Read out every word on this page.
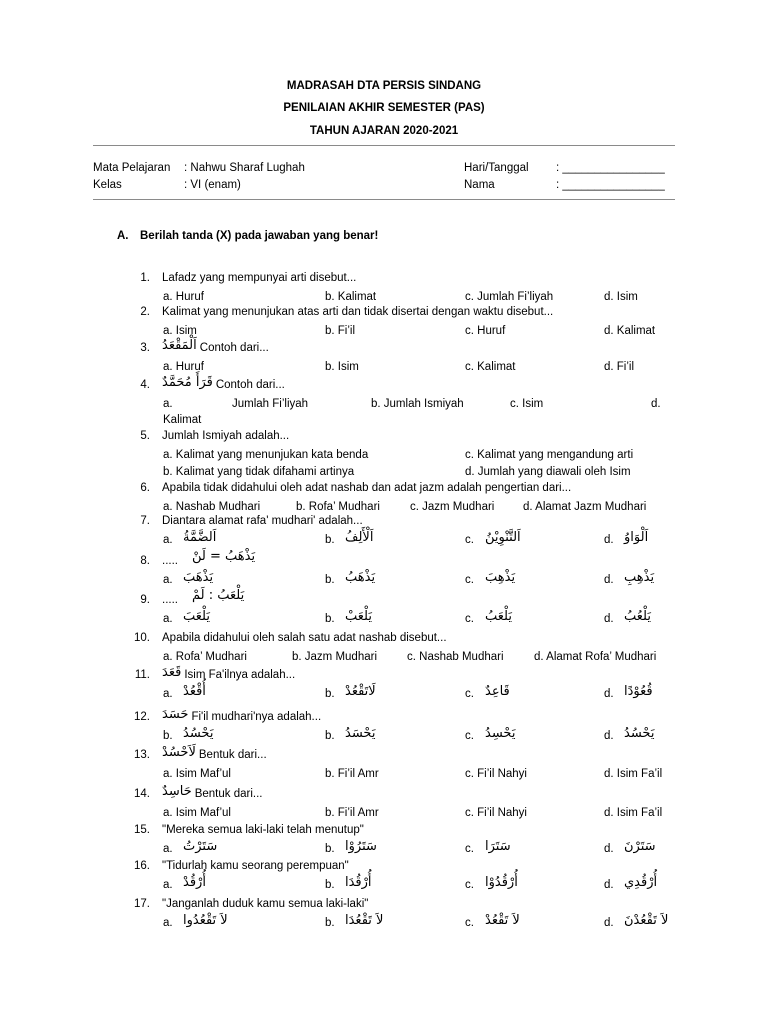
MADRASAH DTA PERSIS SINDANG
PENILAIAN AKHIR SEMESTER (PAS)
TAHUN AJARAN 2020-2021
Mata Pelajaran : Nahwu Sharaf Lughah
Kelas	: VI (enam)
Hari/Tanggal : ________________
Nama	: ________________
A. Berilah tanda (X) pada jawaban yang benar!
1. Lafadz yang mempunyai arti disebut...
a. Huruf	b. Kalimat	c. Jumlah Fi’liyah	d. Isim
2. Kalimat yang menunjukan atas arti dan tidak disertai dengan waktu disebut...
a. Isim	b. Fi’il	c. Huruf	d. Kalimat
3. اَلْمَقْعَدُ Contoh dari...
a. Huruf	b. Isim	c. Kalimat	d. Fi’il
4. قَرَأَ مُحَمَّدٌ Contoh dari...
a.	Jumlah Fi’liyah	b. Jumlah Ismiyah	c. Isim	d.
Kalimat
5. Jumlah Ismiyah adalah...
a. Kalimat yang menunjukan kata benda	c. Kalimat yang mengandung arti
b. Kalimat yang tidak difahami artinya	d. Jumlah yang diawali oleh Isim
6. Apabila tidak didahului oleh adat nashab dan adat jazm adalah pengertian dari...
a. Nashab Mudhari	b. Rofa’ Mudhari	c. Jazm Mudhari d. Alamat Jazm Mudhari
7. Diantara alamat rafa' mudhari' adalah...
a. اَلضَّمَّةُ	b. اَلْأَلِفُ	c. اَلتَّنْوِيْنُ	d. اَلْوَاوُ
8. ..... يَذْهَبُ = لَنْ
a. يَذْهَبَ	b. يَذْهَبُ	c. يَذْهِبَ	d. يَذْهِبِ
9. ..... يَلْعَبُ : لَمْ
a. يَلْعَبَ	b. يَلْعَبْ	c. يَلْعَبُ	d. يَلْعُبُ
10. Apabila didahului oleh salah satu adat nashab disebut...
a. Rofa’ Mudhari	b. Jazm Mudhari	c. Nashab Mudhari	d. Alamat Rofa’ Mudhari
11. قَعَدَ Isim Fa'ilnya adalah...
a. أُقْعُدْ	b. لَاتَقْعُدْ	c. قَاعِدٌ	d. قُعُوْدًا
12. حَسَدَ Fi'il mudhari'nya adalah...
b. يَحْسُدُ	b. يَحْسَدُ	c. يَحْسِدُ	d. يَحْسُدُ
13. لَاَحْسُدْ Bentuk dari...
a. Isim Maf’ul	b. Fi’il Amr	c. Fi’il Nahyi	d. Isim Fa’il
14. حَاسِدٌ Bentuk dari...
a. Isim Maf’ul	b. Fi’il Amr	c. Fi’il Nahyi	d. Isim Fa’il
15. "Mereka semua laki-laki telah menutup"
a. سَتَرْتُ	b. سَتَرُوْا	c. سَتَرَا	d. سَتَرْنَ
16. "Tidurlah kamu seorang perempuan"
a. أُرْقُدْ	b. أُرْقُدَا	c. أُرْقُدُوْا	d. أُرْقُدِي
17. "Janganlah duduk kamu semua laki-laki"
a. لاَ تَقْعُدُوا	b. لاَ تَقْعُدَا	c. لاَ تَقْعُدْ	d. لاَ تَقْعُدْنَ
